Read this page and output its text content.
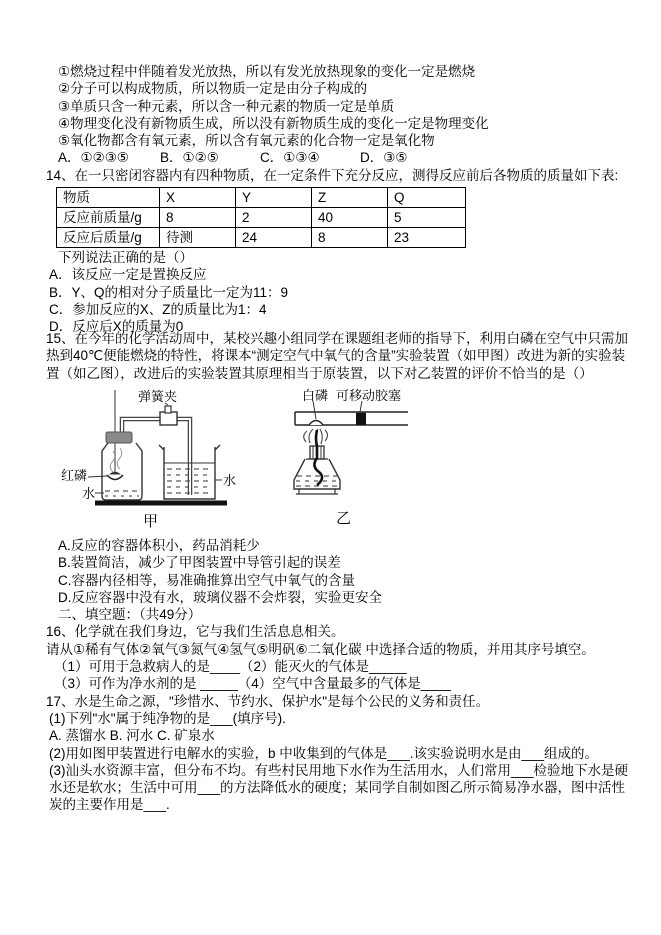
①燃烧过程中伴随着发光放热，所以有发光放热现象的变化一定是燃烧
②分子可以构成物质，所以物质一定是由分子构成的
③单质只含一种元素，所以含一种元素的物质一定是单质
④物理变化没有新物质生成，所以没有新物质生成的变化一定是物理变化
⑤氧化物都含有氧元素，所以含有氧元素的化合物一定是氧化物
A．①②③⑤	B．①②⑤	C．①③④	D．③⑤
14、在一只密闭容器内有四种物质，在一定条件下充分反应，测得反应前后各物质的质量如下表:
物质	X	Y	Z	Q
反应前质量/g	8	2	40	5
反应后质量/g	待测	24	8	23
下列说法正确的是（）
A．该反应一定是置换反应
B．Y、Q的相对分子质量比一定为11：9
C．参加反应的X、Z的质量比为1：4
D．反应后X的质量为0
15、在今年的化学活动周中，某校兴趣小组同学在课题组老师的指导下，利用白磷在空气中只需加热到40℃便能燃烧的特性，将课本“测定空气中氧气的含量”实验装置（如甲图）改进为新的实验装置（如乙图），改进后的实验装置其原理相当于原装置，以下对乙装置的评价不恰当的是（）
弹簧夹
红磷
水
水
甲
白磷 可移动胶塞
乙
A.反应的容器体积小，药品消耗少
B.装置简洁，减少了甲图装置中导管引起的误差
C.容器内径相等，易准确推算出空气中氧气的含量
D.反应容器中没有水，玻璃仪器不会炸裂，实验更安全
二、填空题：（共49分）
16、化学就在我们身边，它与我们生活息息相关。
请从①稀有气体②氧气③氮气④氢气⑤明矾⑥二氧化碳 中选择合适的物质，并用其序号填空。
（1）可用于急救病人的是____（2）能灭火的气体是_____
（3）可作为净水剂的是 _____（4）空气中含量最多的气体是____
17、水是生命之源，"珍惜水、节约水、保护水"是每个公民的义务和责任。
(1)下列"水"属于纯净物的是___(填序号).
A. 蒸馏水 B. 河水 C. 矿泉水
(2)用如图甲装置进行电解水的实验，b 中收集到的气体是___.该实验说明水是由___组成的。
(3)汕头水资源丰富，但分布不均。有些村民用地下水作为生活用水，人们常用___检验地下水是硬水还是软水；生活中可用___的方法降低水的硬度；某同学自制如图乙所示简易净水器，图中活性炭的主要作用是___.
